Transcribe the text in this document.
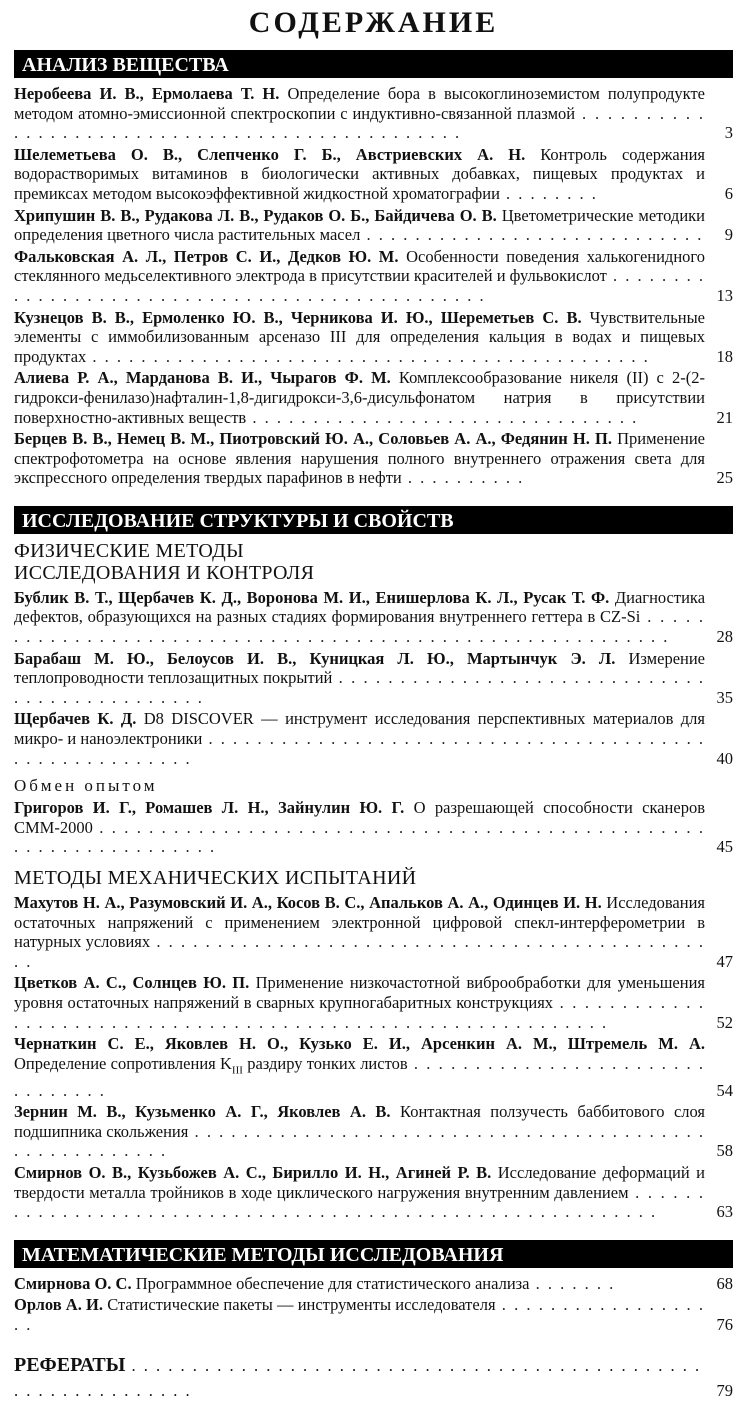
СОДЕРЖАНИЕ
АНАЛИЗ ВЕЩЕСТВА
Неробеева И. В., Ермолаева Т. Н. Определение бора в высокоглиноземистом полупродукте методом атомно-эмиссионной спектроскопии с индуктивно-связанной плазмой . . . . . . . . . . . . . . . . . . . . . . . . . . . . . . . . . . . . . . . . . . . . . . .	3
Шелеметьева О. В., Слепченко Г. Б., Австриевских А. Н. Контроль содержания водорастворимых витаминов в биологически активных добавках, пищевых продуктах и премиксах методом высокоэффективной жидкостной хроматографии . . . . . . . .	6
Хрипушин В. В., Рудакова Л. В., Рудаков О. Б., Байдичева О. В. Цветометрические методики определения цветного числа растительных масел . . . . . . . . . . . . . . . . . . . . . . . . . . . .	9
Фальковская А. Л., Петров С. И., Дедков Ю. М. Особенности поведения халькогенидного стеклянного медьселективного электрода в присутствии красителей и фульвокислот . . . . . . . . . . . . . . . . . . . . . . . . . . . . . . . . . . . . . . . . . . . . . . .	13
Кузнецов В. В., Ермоленко Ю. В., Черникова И. Ю., Шереметьев С. В. Чувствительные элементы с иммобилизованным арсеназо III для определения кальция в водах и пищевых продуктах . . . . . . . . . . . . . . . . . . . . . . . . . . . . . . . . . . . . . . . . . . . . . .	18
Алиева Р. А., Марданова В. И., Чырагов Ф. М. Комплексообразование никеля (II) с 2-(2-гидрокси-фенилазо)нафталин-1,8-дигидрокси-3,6-дисульфонатом натрия в присутствии поверхностно-активных веществ . . . . . . . . . . . . . . . . . . . . . . . . . . . . . . . .	21
Берцев В. В., Немец В. М., Пиотровский Ю. А., Соловьев А. А., Федянин Н. П. Применение спектрофотометра на основе явления нарушения полного внутреннего отражения света для экспрессного определения твердых парафинов в нефти . . . . . . . . . .	25
ИССЛЕДОВАНИЕ СТРУКТУРЫ И СВОЙСТВ
ФИЗИЧЕСКИЕ МЕТОДЫ
ИССЛЕДОВАНИЯ И КОНТРОЛЯ
Бублик В. Т., Щербачев К. Д., Воронова М. И., Енишерлова К. Л., Русак Т. Ф. Диагностика дефектов, образующихся на разных стадиях формирования внутреннего геттера в CZ-Si . . . . . . . . . . . . . . . . . . . . . . . . . . . . . . . . . . . . . . . . . . . . . . . . . . . . . . . . . . .	28
Барабаш М. Ю., Белоусов И. В., Куницкая Л. Ю., Мартынчук Э. Л. Измерение теплопроводности теплозащитных покрытий . . . . . . . . . . . . . . . . . . . . . . . . . . . . . . . . . . . . . . . . . . . . . .	35
Щербачев К. Д. D8 DISCOVER — инструмент исследования перспективных материалов для микро- и наноэлектроники . . . . . . . . . . . . . . . . . . . . . . . . . . . . . . . . . . . . . . . . . . . . . . . . . . . . . . . .	40
Обмен опытом
Григоров И. Г., Ромашев Л. Н., Зайнулин Ю. Г. О разрешающей способности сканеров СММ-2000 . . . . . . . . . . . . . . . . . . . . . . . . . . . . . . . . . . . . . . . . . . . . . . . . . . . . . . . . . . . . . . . . . .	45
МЕТОДЫ МЕХАНИЧЕСКИХ ИСПЫТАНИЙ
Махутов Н. А., Разумовский И. А., Косов В. С., Апальков А. А., Одинцев И. Н. Исследования остаточных напряжений с применением электронной цифровой спекл-интерферометрии в натурных условиях . . . . . . . . . . . . . . . . . . . . . . . . . . . . . . . . . . . . . . . . . . . . . . .	47
Цветков А. С., Солнцев Ю. П. Применение низкочастотной виброобработки для уменьшения уровня остаточных напряжений в сварных крупногабаритных конструкциях . . . . . . . . . . . . . . . . . . . . . . . . . . . . . . . . . . . . . . . . . . . . . . . . . . . . . . . . . . . . .	52
Чернаткин С. Е., Яковлев Н. О., Кузько Е. И., Арсенкин А. М., Штремель М. А. Определение сопротивления $K_{III}$ раздиру тонких листов . . . . . . . . . . . . . . . . . . . . . . . . . . . . . . . .	54
Зернин М. В., Кузьменко А. Г., Яковлев А. В. Контактная ползучесть баббитового слоя подшипника скольжения . . . . . . . . . . . . . . . . . . . . . . . . . . . . . . . . . . . . . . . . . . . . . . . . . . . . . . .	58
Смирнов О. В., Кузьбожев А. С., Бирилло И. Н., Агиней Р. В. Исследование деформаций и твердости металла тройников в ходе циклического нагружения внутренним давлением . . . . . . . . . . . . . . . . . . . . . . . . . . . . . . . . . . . . . . . . . . . . . . . . . . . . . . . . . . .	63
МАТЕМАТИЧЕСКИЕ МЕТОДЫ ИССЛЕДОВАНИЯ
Смирнова О. С. Программное обеспечение для статистического анализа . . . . . . .	68
Орлов А. И. Статистические пакеты — инструменты исследователя . . . . . . . . . . . . . . . . . . .	76
РЕФЕРАТЫ . . . . . . . . . . . . . . . . . . . . . . . . . . . . . . . . . . . . . . . . . . . . . . . . . . . . . . . . . . . . . .	79
